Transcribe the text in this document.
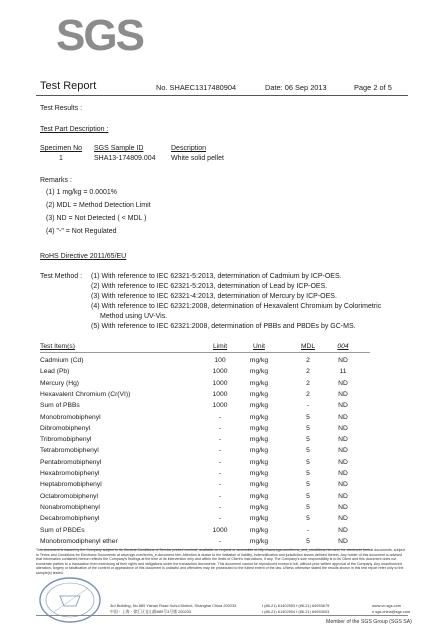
SGS
Test Report	No. SHAEC1317480904	Date: 06 Sep 2013	Page 2 of 5
Test Results :
Test Part Description :
Specimen No SGS Sample ID	Description
1	SHA13-174809.004 White solid pellet
Remarks :
(1) 1 mg/kg = 0.0001%
(2) MDL = Method Detection Limit
(3) ND = Not Detected ( < MDL )
(4) "-" = Not Regulated
RoHS Directive 2011/65/EU
Test Method : (1) With reference to IEC 62321-5:2013, determination of Cadmium by ICP-OES.
(2) With reference to IEC 62321-5:2013, determination of Lead by ICP-OES.
(3) With reference to IEC 62321-4:2013, determination of Mercury by ICP-OES.
(4) With reference to IEC 62321:2008, determination of Hexavalent Chromium by Colorimetric
Method using UV-Vis.
(5) With reference to IEC 62321:2008, determination of PBBs and PBDEs by GC-MS.
Test Item(s)	Limit	Unit	MDL	004
Cadmium (Cd)	100	mg/kg	2	ND
Lead (Pb)	1000	mg/kg	2	11
Mercury (Hg)	1000	mg/kg	2	ND
Hexavalent Chromium (Cr(VI))	1000	mg/kg	2	ND
Sum of PBBs	1000	mg/kg	-	ND
Monobromobiphenyl	-	mg/kg	5	ND
Dibromobiphenyl	-	mg/kg	5	ND
Tribromobiphenyl	-	mg/kg	5	ND
Tetrabromobiphenyl	-	mg/kg	5	ND
Pentabromobiphenyl	-	mg/kg	5	ND
Hexabromobiphenyl	-	mg/kg	5	ND
Heptabromobiphenyl	-	mg/kg	5	ND
Octabromobiphenyl	-	mg/kg	5	ND
Nonabromobiphenyl	-	mg/kg	5	ND
Decabromobiphenyl	-	mg/kg	5	ND
Sum of PBDEs	1000	mg/kg	-	ND
Monobromodiphenyl ether	-	mg/kg	5	ND
This document is issued by the Company subject to its General Conditions of Service printed overleaf, available on request or accessible at http://www.sgs.com/terms_and_conditions.htm and, for electronic format documents, subject to Terms and Conditions for Electronic Documents at www.sgs.com/terms_e-document.htm. Attention is drawn to the limitation of liability, indemnification and jurisdiction issues defined therein. Any holder of this document is advised that information contained hereon reflects the Company's findings at the time of its intervention only and within the limits of Client's instructions, if any. The Company's sole responsibility is to its Client and this document does not exonerate parties to a transaction from exercising all their rights and obligations under the transaction documents. This document cannot be reproduced except in full, without prior written approval of the Company. Any unauthorized alteration, forgery or falsification of the content or appearance of this document is unlawful and offenders may be prosecuted to the fullest extent of the law. Unless otherwise stated the results shown in this test report refer only to the sample(s) tested.
3rd Building, No.889 Yishan Road Xuhui District, Shanghai China 200233
中国・上海・徐汇区宜山路889号3号楼 200233
t (86-21) 61402553 f (86-21) 64953679
t (86-21) 61402594 f (86-21) 64953003
www.cn.sgs.com
e sgs.china@sgs.com
Member of the SGS Group (SGS SA)
